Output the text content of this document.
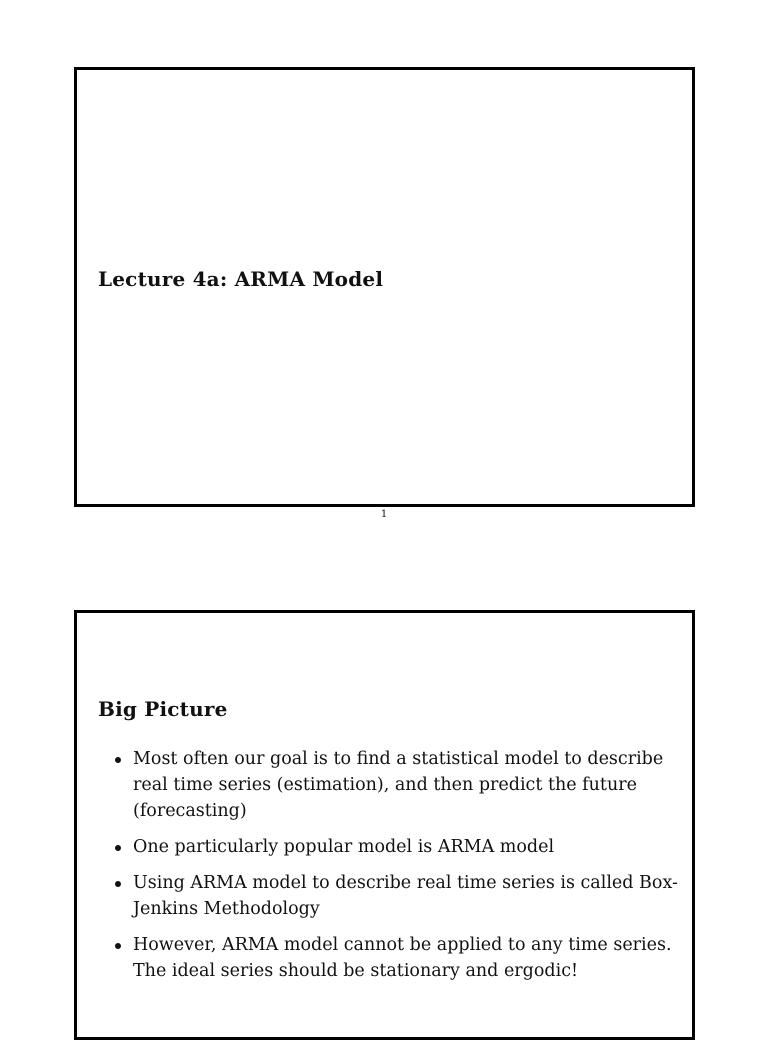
Lecture 4a: ARMA Model
1
Big Picture
Most often our goal is to find a statistical model to describe real time series (estimation), and then predict the future (forecasting)
One particularly popular model is ARMA model
Using ARMA model to describe real time series is called Box-Jenkins Methodology
However, ARMA model cannot be applied to any time series. The ideal series should be stationary and ergodic!
